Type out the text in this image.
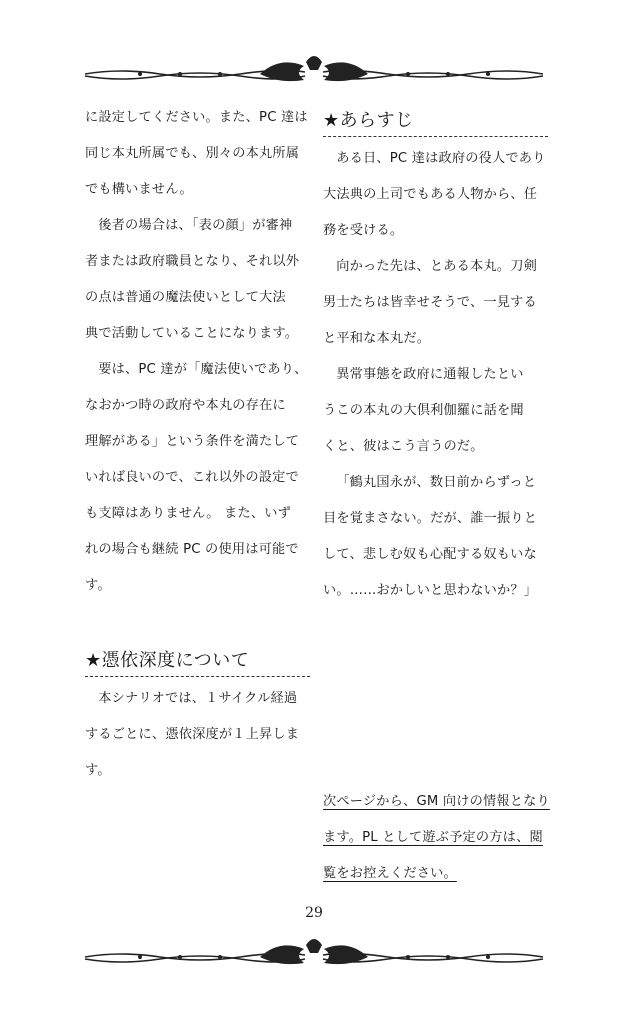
に設定してください。また、PC 達は

同じ本丸所属でも、別々の本丸所属

でも構いません。

後者の場合は、「表の顔」が審神

者または政府職員となり、それ以外

の点は普通の魔法使いとして大法

典で活動していることになります。

要は、PC 達が「魔法使いであり、

なおかつ時の政府や本丸の存在に

理解がある」という条件を満たして

いれば良いので、これ以外の設定で

も支障はありません。 また、いず

れの場合も継続 PC の使用は可能で

す。

★憑依深度について

本シナリオでは、１サイクル経過

するごとに、憑依深度が１上昇しま

す。

★あらすじ

ある日、PC 達は政府の役人であり

大法典の上司でもある人物から、任

務を受ける。

向かった先は、とある本丸。刀剣

男士たちは皆幸せそうで、一見する

と平和な本丸だ。

異常事態を政府に通報したとい

うこの本丸の大倶利伽羅に話を聞

くと、彼はこう言うのだ。

「鶴丸国永が、数日前からずっと

目を覚まさない。だが、誰一振りと

して、悲しむ奴も心配する奴もいな

い。……おかしいと思わないか？」

次ページから、GM 向けの情報となり

ます。PL として遊ぶ予定の方は、閲

覧をお控えください。

29
